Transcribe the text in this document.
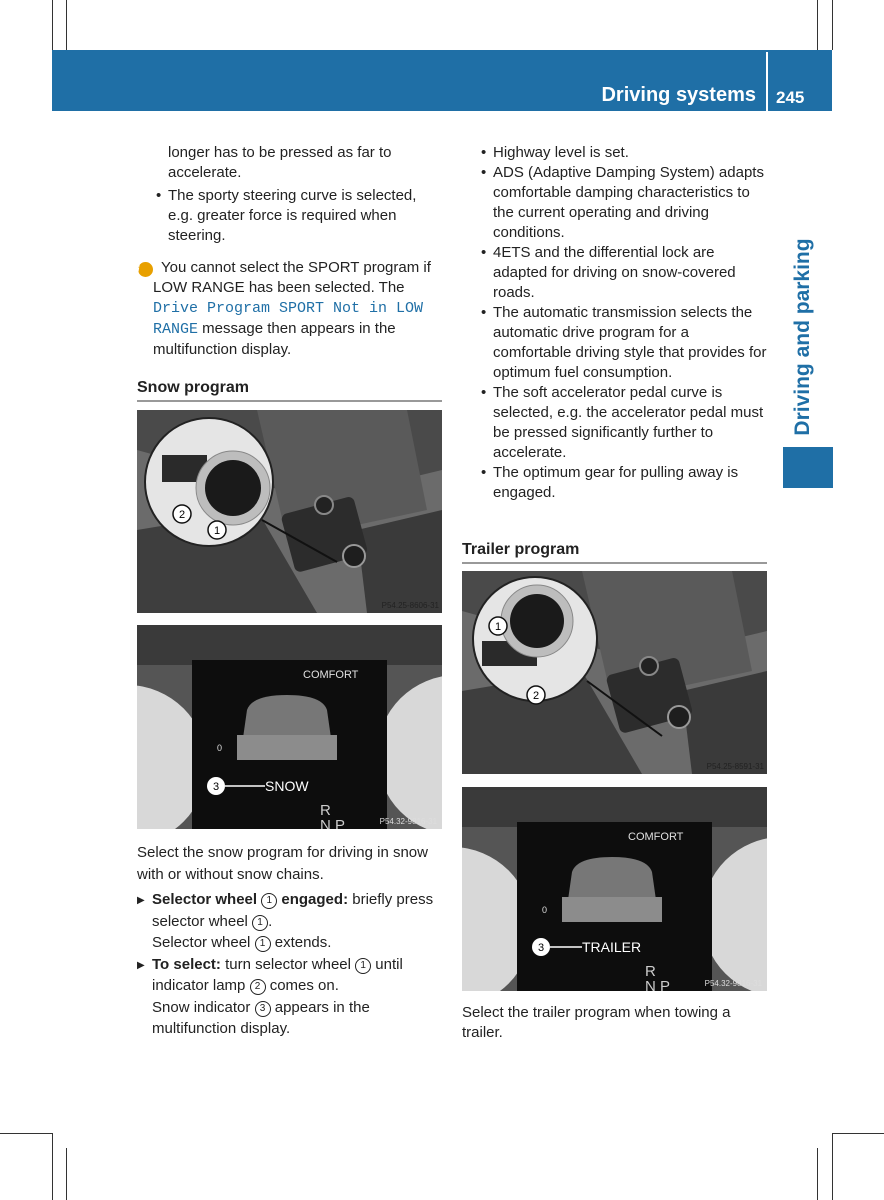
Driving systems 245
Driving and parking

longer has to be pressed as far to accelerate.

• The sporty steering curve is selected, e.g. greater force is required when steering.

i You cannot select the SPORT program if LOW RANGE has been selected. The Drive Program SPORT Not in LOW RANGE message then appears in the multifunction display.

Snow program
2
1
P54.25-8606-31
COMFORT
0
3	SNOW
R
N P	P54.32-9816-31

Select the snow program for driving in snow with or without snow chains.

▶ Selector wheel 1 engaged: briefly press selector wheel 1 .
Selector wheel 1 extends.

▶ To select: turn selector wheel 1 until indicator lamp 2 comes on.
Snow indicator 3 appears in the multifunction display.

• Highway level is set.

• ADS (Adaptive Damping System) adapts comfortable damping characteristics to the current operating and driving conditions.

• 4ETS and the differential lock are adapted for driving on snow-covered roads.

• The automatic transmission selects the automatic drive program for a comfortable driving style that provides for optimum fuel consumption.

• The soft accelerator pedal curve is selected, e.g. the accelerator pedal must be pressed significantly further to accelerate.

• The optimum gear for pulling away is engaged.

Trailer program
1
2
P54.25-8591-31
COMFORT
0
3	TRAILER
R
N P	P54.32-9816-31

Select the trailer program when towing a trailer.
